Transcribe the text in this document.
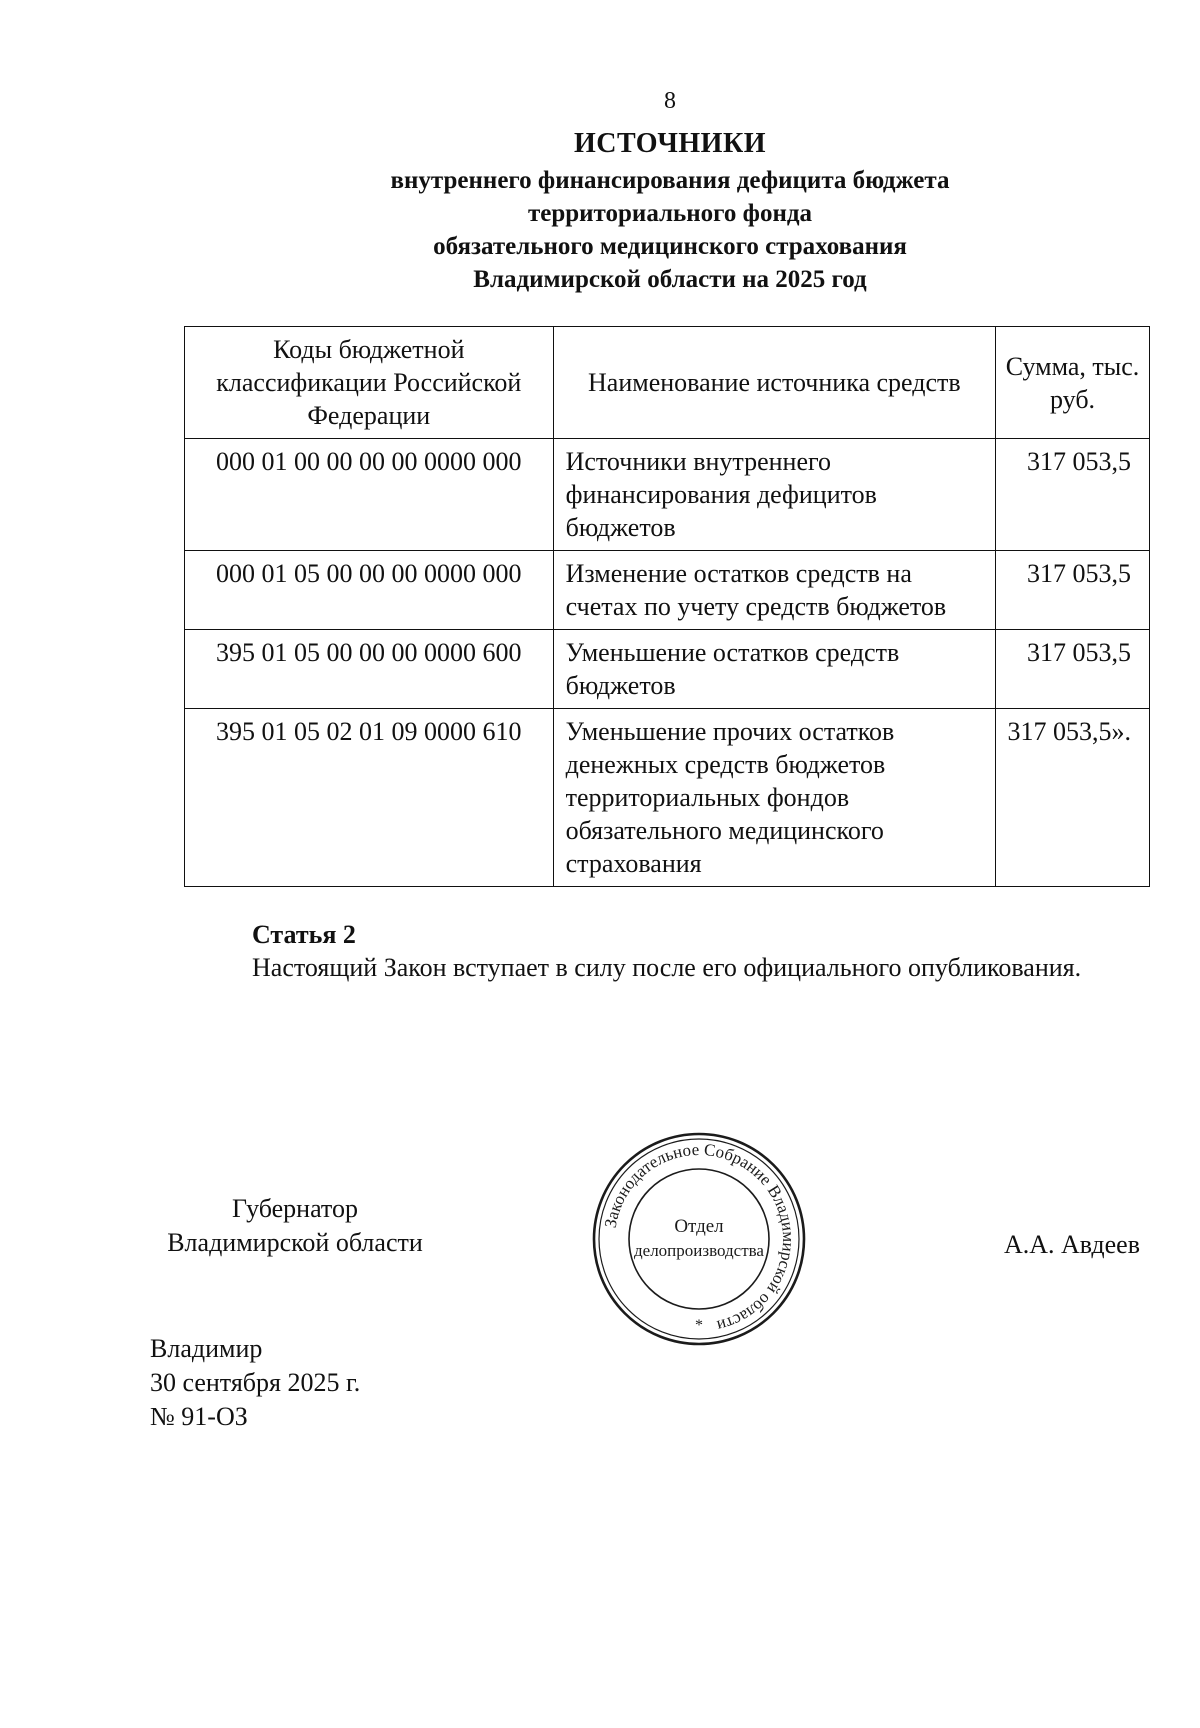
8
ИСТОЧНИКИ
внутреннего финансирования дефицита бюджета
территориального фонда
обязательного медицинского страхования
Владимирской области на 2025 год
Коды бюджетной классификации Российской Федерации	Наименование источника средств	Сумма, тыс. руб.
000 01 00 00 00 00 0000 000	Источники внутреннего финансирования дефицитов бюджетов	317 053,5
000 01 05 00 00 00 0000 000	Изменение остатков средств на счетах по учету средств бюджетов	317 053,5
395 01 05 00 00 00 0000 600	Уменьшение остатков средств бюджетов	317 053,5
395 01 05 02 01 09 0000 610	Уменьшение прочих остатков денежных средств бюджетов территориальных фондов обязательного медицинского страхования	317 053,5».
Статья 2
Настоящий Закон вступает в силу после его официального опубликования.
Губернатор
Владимирской области
Законодательное Собрание Владимирской области
Отдел
делопроизводства
*
А.А. Авдеев
Владимир
30 сентября 2025 г.
№ 91-ОЗ
